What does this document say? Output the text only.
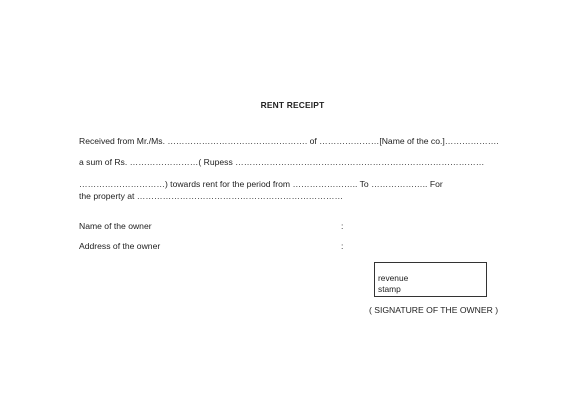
RENT RECEIPT
Received from Mr./Ms. …………………………………………. of …………………[Name of the co.]……………….
a sum of Rs. ……………………( Rupess ……………………………………………………………………………
…………………………) towards rent for the period from ………………….. To ……………….. For
the property at ………………………………………………………………
Name of the owner	:
Address of the owner	:
revenue
stamp
( SIGNATURE OF THE OWNER )
